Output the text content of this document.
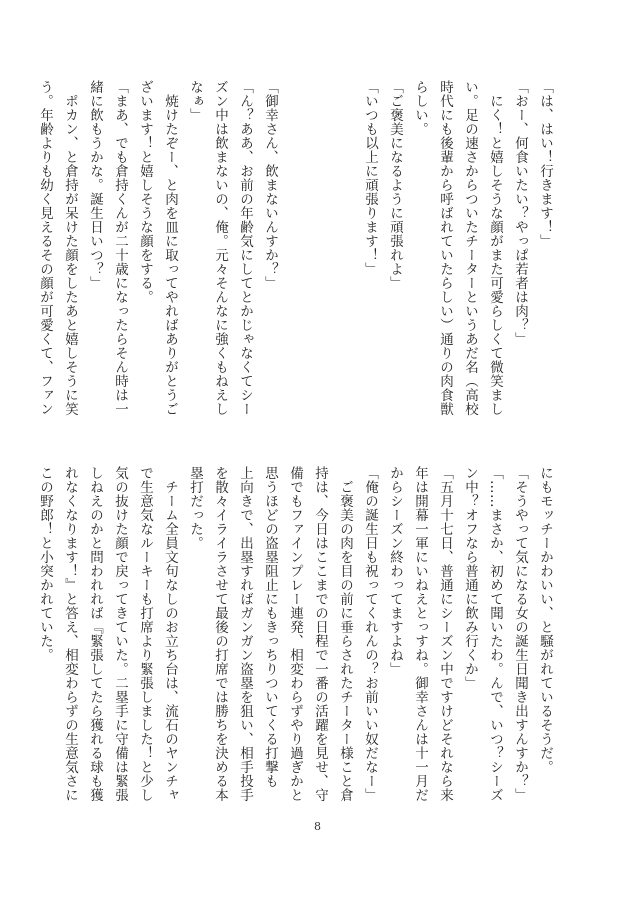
「は、はい！行きます！」
「おー、何食いたい？やっぱ若者は肉？」
　にく！と嬉しそうな顔がまた可愛らしくて微笑まし
い。足の速さからついたチーターというあだ名（高校
時代にも後輩から呼ばれていたらしい）通りの肉食獣
らしい。
「ご褒美になるように頑張れよ」
「いつも以上に頑張ります！」

「御幸さん、飲まないんすか？」
「ん？ああ、お前の年齢気にしてとかじゃなくてシー
ズン中は飲まないの、俺。元々そんなに強くもねえし
なぁ」
　焼けたぞー、と肉を皿に取ってやればありがとうご
ざいます！と嬉しそうな顔をする。
「まあ、でも倉持くんが二十歳になったらそん時は一
緒に飲もうかな。誕生日いつ？」
　ポカン、と倉持が呆けた顔をしたあと嬉しそうに笑
う。年齢よりも幼く見えるその顔が可愛くて、ファン
にもモッチーかわいい、と騒がれているそうだ。
「そうやって気になる女の誕生日聞き出すんすか？」
「……まさか、初めて聞いたわ。んで、いつ？シーズ
ン中？オフなら普通に飲み行くか」
「五月十七日、普通にシーズン中ですけどそれなら来
年は開幕一軍にいねえとっすね。御幸さんは十一月だ
からシーズン終わってますよね」
「俺の誕生日も祝ってくれんの？お前いい奴だなー」
　ご褒美の肉を目の前に垂らされたチーター様こと倉
持は、今日はここまでの日程で一番の活躍を見せ、守
備でもファインプレー連発、相変わらずやり過ぎかと
思うほどの盗塁阻止にもきっちりついてくる打撃も
上向きで、出塁すればガンガン盗塁を狙い、相手投手
を散々イライラさせて最後の打席では勝ちを決める本
塁打だった。
　チーム全員文句なしのお立ち台は、流石のヤンチャ
で生意気なルーキーも打席より緊張しました！と少し
気の抜けた顔で戻ってきていた。二塁手に守備は緊張
しねえのかと問われれば『緊張してたら獲れる球も獲
れなくなります！』と答え、相変わらずの生意気さに
この野郎！と小突かれていた。
8
